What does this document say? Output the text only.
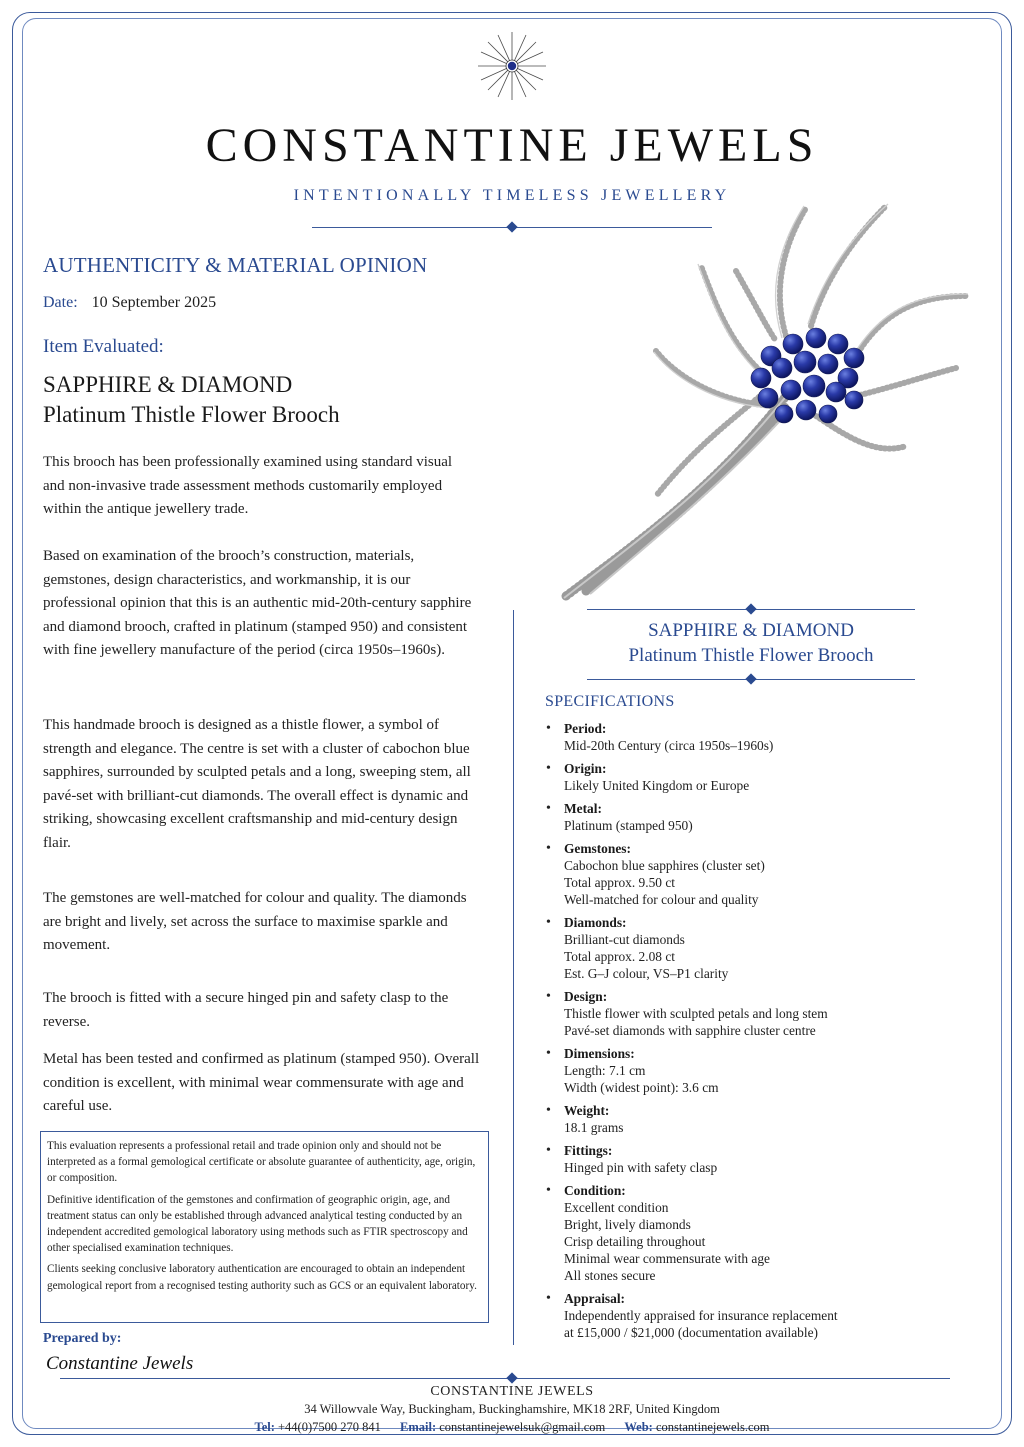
CONSTANTINE JEWELS
INTENTIONALLY TIMELESS JEWELLERY
AUTHENTICITY & MATERIAL OPINION
Date: 10 September 2025
Item Evaluated:
SAPPHIRE & DIAMOND
Platinum Thistle Flower Brooch
This brooch has been professionally examined using standard visual and non-invasive trade assessment methods customarily employed within the antique jewellery trade.
Based on examination of the brooch’s construction, materials, gemstones, design characteristics, and workmanship, it is our professional opinion that this is an authentic mid-20th-century sapphire and diamond brooch, crafted in platinum (stamped 950) and consistent with fine jewellery manufacture of the period (circa 1950s–1960s).
This handmade brooch is designed as a thistle flower, a symbol of strength and elegance. The centre is set with a cluster of cabochon blue sapphires, surrounded by sculpted petals and a long, sweeping stem, all pavé-set with brilliant-cut diamonds. The overall effect is dynamic and striking, showcasing excellent craftsmanship and mid-century design flair.
The gemstones are well-matched for colour and quality. The diamonds are bright and lively, set across the surface to maximise sparkle and movement.
The brooch is fitted with a secure hinged pin and safety clasp to the reverse.
Metal has been tested and confirmed as platinum (stamped 950). Overall condition is excellent, with minimal wear commensurate with age and careful use.

This evaluation represents a professional retail and trade opinion only and should not be interpreted as a formal gemological certificate or absolute guarantee of authenticity, age, origin, or composition.

Definitive identification of the gemstones and confirmation of geographic origin, age, and treatment status can only be established through advanced analytical testing conducted by an independent accredited gemological laboratory using methods such as FTIR spectroscopy and other specialised examination techniques.

Clients seeking conclusive laboratory authentication are encouraged to obtain an independent gemological report from a recognised testing authority such as GCS or an equivalent laboratory.

Prepared by:
Constantine Jewels
SAPPHIRE & DIAMOND
Platinum Thistle Flower Brooch
SPECIFICATIONS
• Period:
Mid-20th Century (circa 1950s–1960s)
• Origin:
Likely United Kingdom or Europe
• Metal:
Platinum (stamped 950)
• Gemstones:
Cabochon blue sapphires (cluster set)
Total approx. 9.50 ct
Well-matched for colour and quality
• Diamonds:
Brilliant-cut diamonds
Total approx. 2.08 ct
Est. G–J colour, VS–P1 clarity
• Design:
Thistle flower with sculpted petals and long stem
Pavé-set diamonds with sapphire cluster centre
• Dimensions:
Length: 7.1 cm
Width (widest point): 3.6 cm
• Weight:
18.1 grams
• Fittings:
Hinged pin with safety clasp
• Condition:
Excellent condition
Bright, lively diamonds
Crisp detailing throughout
Minimal wear commensurate with age
All stones secure
• Appraisal:
Independently appraised for insurance replacement
at £15,000 / $21,000 (documentation available)
CONSTANTINE JEWELS
34 Willowvale Way, Buckingham, Buckinghamshire, MK18 2RF, United Kingdom
Tel: +44(0)7500 270 841 Email: constantinejewelsuk@gmail.com Web: constantinejewels.com
